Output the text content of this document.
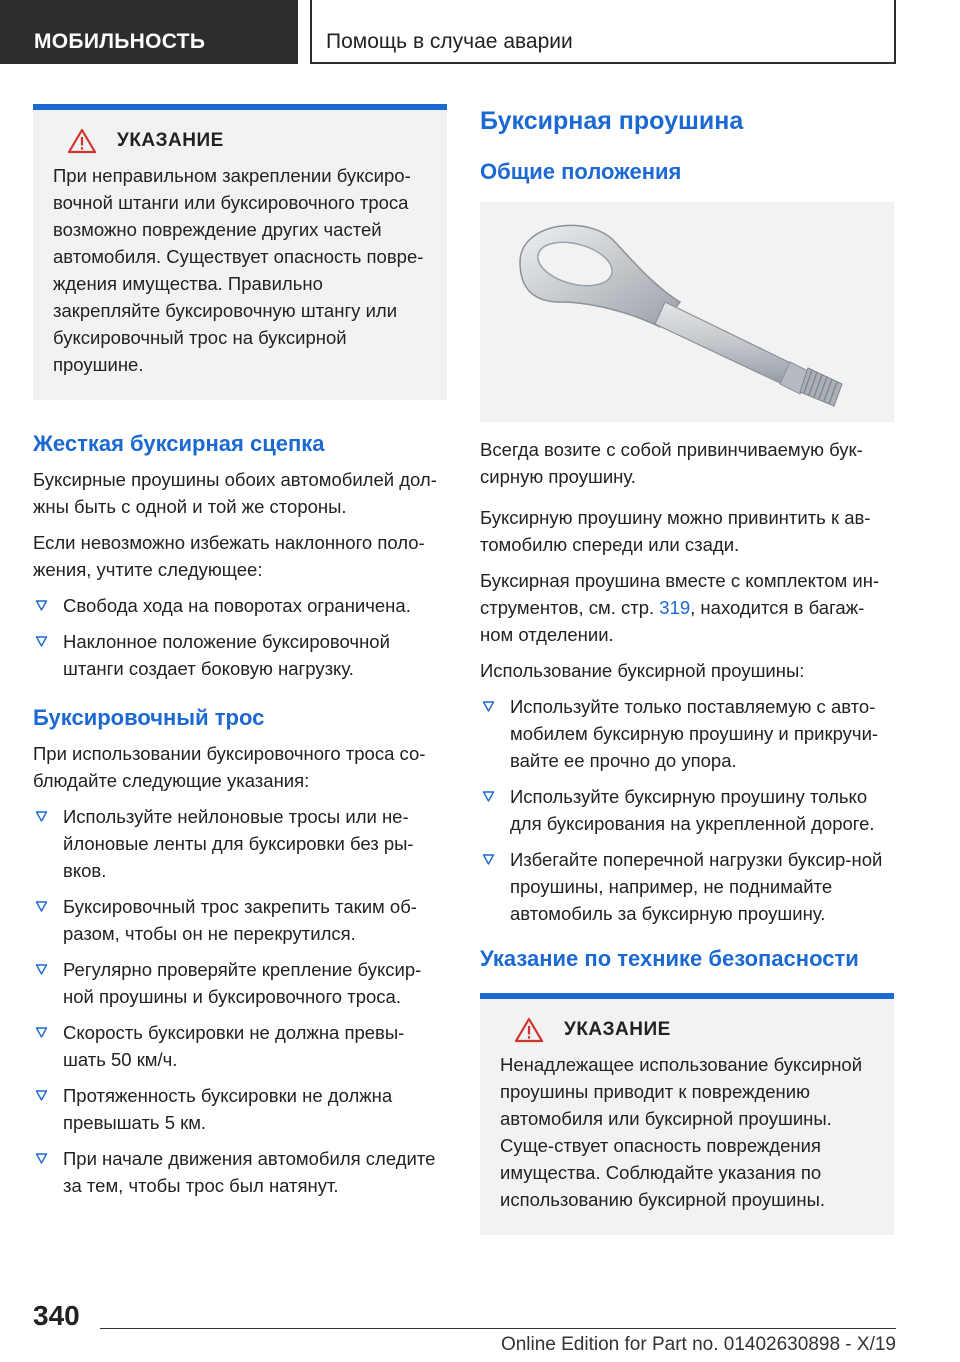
МОБИЛЬНОСТЬ	Помощь в случае аварии
УКАЗАНИЕ
При неправильном закреплении буксиро-вочной штанги или буксировочного троса возможно повреждение других частей автомобиля. Существует опасность повре-ждения имущества. Правильно закрепляйте буксировочную штангу или буксировочный трос на буксирной проушине.
Жесткая буксирная сцепка

Буксирные проушины обоих автомобилей дол-жны быть с одной и той же стороны.

Если невозможно избежать наклонного поло-жения, учтите следующее:

Свобода хода на поворотах ограничена.
Наклонное положение буксировочной штанги создает боковую нагрузку.
Буксировочный трос

При использовании буксировочного троса со-блюдайте следующие указания:

Используйте нейлоновые тросы или не-йлоновые ленты для буксировки без ры-вков.
Буксировочный трос закрепить таким об-разом, чтобы он не перекрутился.
Регулярно проверяйте крепление буксир-ной проушины и буксировочного троса.
Скорость буксировки не должна превы-шать 50 км/ч.
Протяженность буксировки не должна превышать 5 км.
При начале движения автомобиля следите за тем, чтобы трос был натянут.
Буксирная проушина
Общие положения

Всегда возите с собой привинчиваемую бук-сирную проушину.

Буксирную проушину можно привинтить к ав-томобилю спереди или сзади.

Буксирная проушина вместе с комплектом ин-струментов, см. стр. 319, находится в багаж-ном отделении.

Использование буксирной проушины:

Используйте только поставляемую с авто-мобилем буксирную проушину и прикручи-вайте ее прочно до упора.
Используйте буксирную проушину только для буксирования на укрепленной дороге.
Избегайте поперечной нагрузки буксир-ной проушины, например, не поднимайте автомобиль за буксирную проушину.
Указание по технике безопасности
УКАЗАНИЕ
Ненадлежащее использование буксирной проушины приводит к повреждению автомобиля или буксирной проушины. Суще-ствует опасность повреждения имущества. Соблюдайте указания по использованию буксирной проушины.
340
Online Edition for Part no. 01402630898 - X/19
